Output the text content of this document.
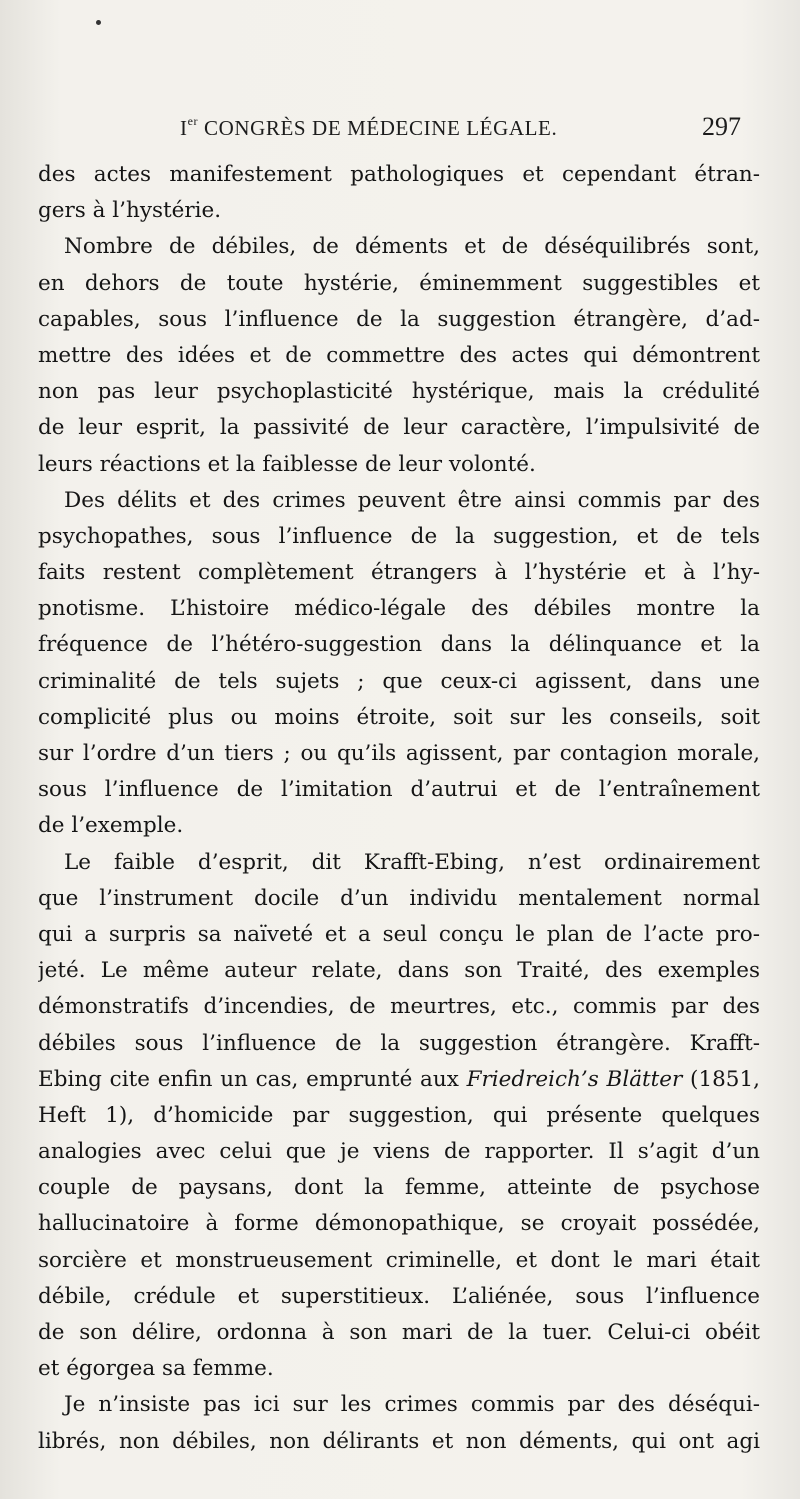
Ier CONGRÈS DE MÉDECINE LÉGALE.	297
des actes manifestement pathologiques et cependant étran-
gers à l’hystérie.
Nombre de débiles, de déments et de déséquilibrés sont,
en dehors de toute hystérie, éminemment suggestibles et
capables, sous l’influence de la suggestion étrangère, d’ad-
mettre des idées et de commettre des actes qui démontrent
non pas leur psychoplasticité hystérique, mais la crédulité
de leur esprit, la passivité de leur caractère, l’impulsivité de
leurs réactions et la faiblesse de leur volonté.
Des délits et des crimes peuvent être ainsi commis par des
psychopathes, sous l’influence de la suggestion, et de tels
faits restent complètement étrangers à l’hystérie et à l’hy-
pnotisme. L’histoire médico-légale des débiles montre la
fréquence de l’hétéro-suggestion dans la délinquance et la
criminalité de tels sujets ; que ceux-ci agissent, dans une
complicité plus ou moins étroite, soit sur les conseils, soit
sur l’ordre d’un tiers ; ou qu’ils agissent, par contagion morale,
sous l’influence de l’imitation d’autrui et de l’entraînement
de l’exemple.
Le faible d’esprit, dit Krafft-Ebing, n’est ordinairement
que l’instrument docile d’un individu mentalement normal
qui a surpris sa naïveté et a seul conçu le plan de l’acte pro-
jeté. Le même auteur relate, dans son Traité, des exemples
démonstratifs d’incendies, de meurtres, etc., commis par des
débiles sous l’influence de la suggestion étrangère. Krafft-
Ebing cite enfin un cas, emprunté aux Friedreich’s Blätter (1851,
Heft 1), d’homicide par suggestion, qui présente quelques
analogies avec celui que je viens de rapporter. Il s’agit d’un
couple de paysans, dont la femme, atteinte de psychose
hallucinatoire à forme démonopathique, se croyait possédée,
sorcière et monstrueusement criminelle, et dont le mari était
débile, crédule et superstitieux. L’aliénée, sous l’influence
de son délire, ordonna à son mari de la tuer. Celui-ci obéit
et égorgea sa femme.
Je n’insiste pas ici sur les crimes commis par des déséqui-
librés, non débiles, non délirants et non déments, qui ont agi
